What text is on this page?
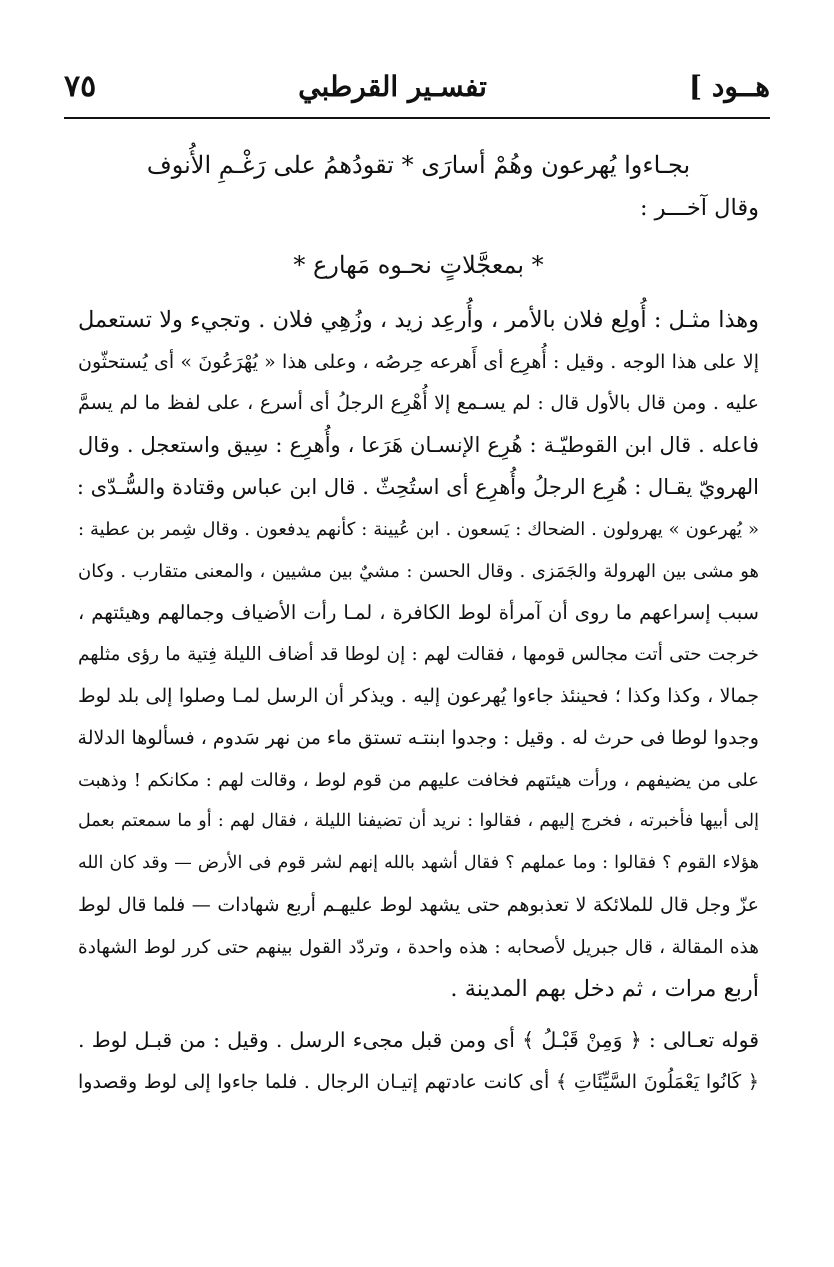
٧٥	تفسـير القرطبي	هــود ]
بجـاءوا يُهرعون وهُمْ أسارَى * تقودُهمُ على رَغْـمِ الأُنوف
وقال آخـــر :
* بمعجَّلاتٍ نحـوه مَهارع *
وهذا مثـل : أُولِع فلان بالأمر ، وأُرعِد زيد ، وزُهِي فلان . وتجيء ولا تستعمل
إلا على هذا الوجه . وقيل : أُهرِع أى أَهرعه حِرصُه ، وعلى هذا « يُهْرَعُونَ » أى يُستحثّون
عليه . ومن قال بالأول قال : لم يسـمع إلا أُهْرِع الرجلُ أى أسرع ، على لفظ ما لم يسمَّ
فاعله . قال ابن القوطيّـة : هُرِع الإنسـان هَرَعا ، وأُهرِع : سِيق واستعجل . وقال
الهرويّ يقـال : هُرِع الرجلُ وأُهرِع أى استُحِثّ . قال ابن عباس وقتادة والسُّـدّى :
« يُهرعون » يهرولون . الضحاك : يَسعون . ابن عُيينة : كأنهم يدفعون . وقال شِمر بن عطية :
هو مشى بين الهرولة والجَمَزى . وقال الحسن : مشيٌ بين مشيين ، والمعنى متقارب . وكان
سبب إسراعهم ما روى أن آمرأة لوط الكافرة ، لمـا رأت الأضياف وجمالهم وهيئتهم ،
خرجت حتى أتت مجالس قومها ، فقالت لهم : إن لوطا قد أضاف الليلة فِتية ما رؤى مثلهم
جمالا ، وكذا وكذا ؛ فحينئذ جاءوا يُهرعون إليه . ويذكر أن الرسل لمـا وصلوا إلى بلد لوط
وجدوا لوطا فى حرث له . وقيل : وجدوا ابنتـه تستق ماء من نهر سَدوم ، فسألوها الدلالة
على من يضيفهم ، ورأت هيئتهم فخافت عليهم من قوم لوط ، وقالت لهم : مكانكم ! وذهبت
إلى أبيها فأخبرته ، فخرج إليهم ، فقالوا : نريد أن تضيفنا الليلة ، فقال لهم : أو ما سمعتم بعمل
هؤلاء القوم ؟ فقالوا : وما عملهم ؟ فقال أشهد بالله إنهم لشر قوم فى الأرض — وقد كان الله
عزّ وجل قال للملائكة لا تعذبوهم حتى يشهد لوط عليهـم أربع شهادات — فلما قال لوط
هذه المقالة ، قال جبريل لأصحابه : هذه واحدة ، وتردّد القول بينهم حتى كرر لوط الشهادة
أربع مرات ، ثم دخل بهم المدينة .
قوله تعـالى : ﴿ وَمِنْ قَبْـلُ ﴾ أى ومن قبل مجىء الرسل . وقيل : من قبـل لوط .
﴿ كَانُوا يَعْمَلُونَ السَّيِّئَاتِ ﴾ أى كانت عادتهم إتيـان الرجال . فلما جاءوا إلى لوط وقصدوا
